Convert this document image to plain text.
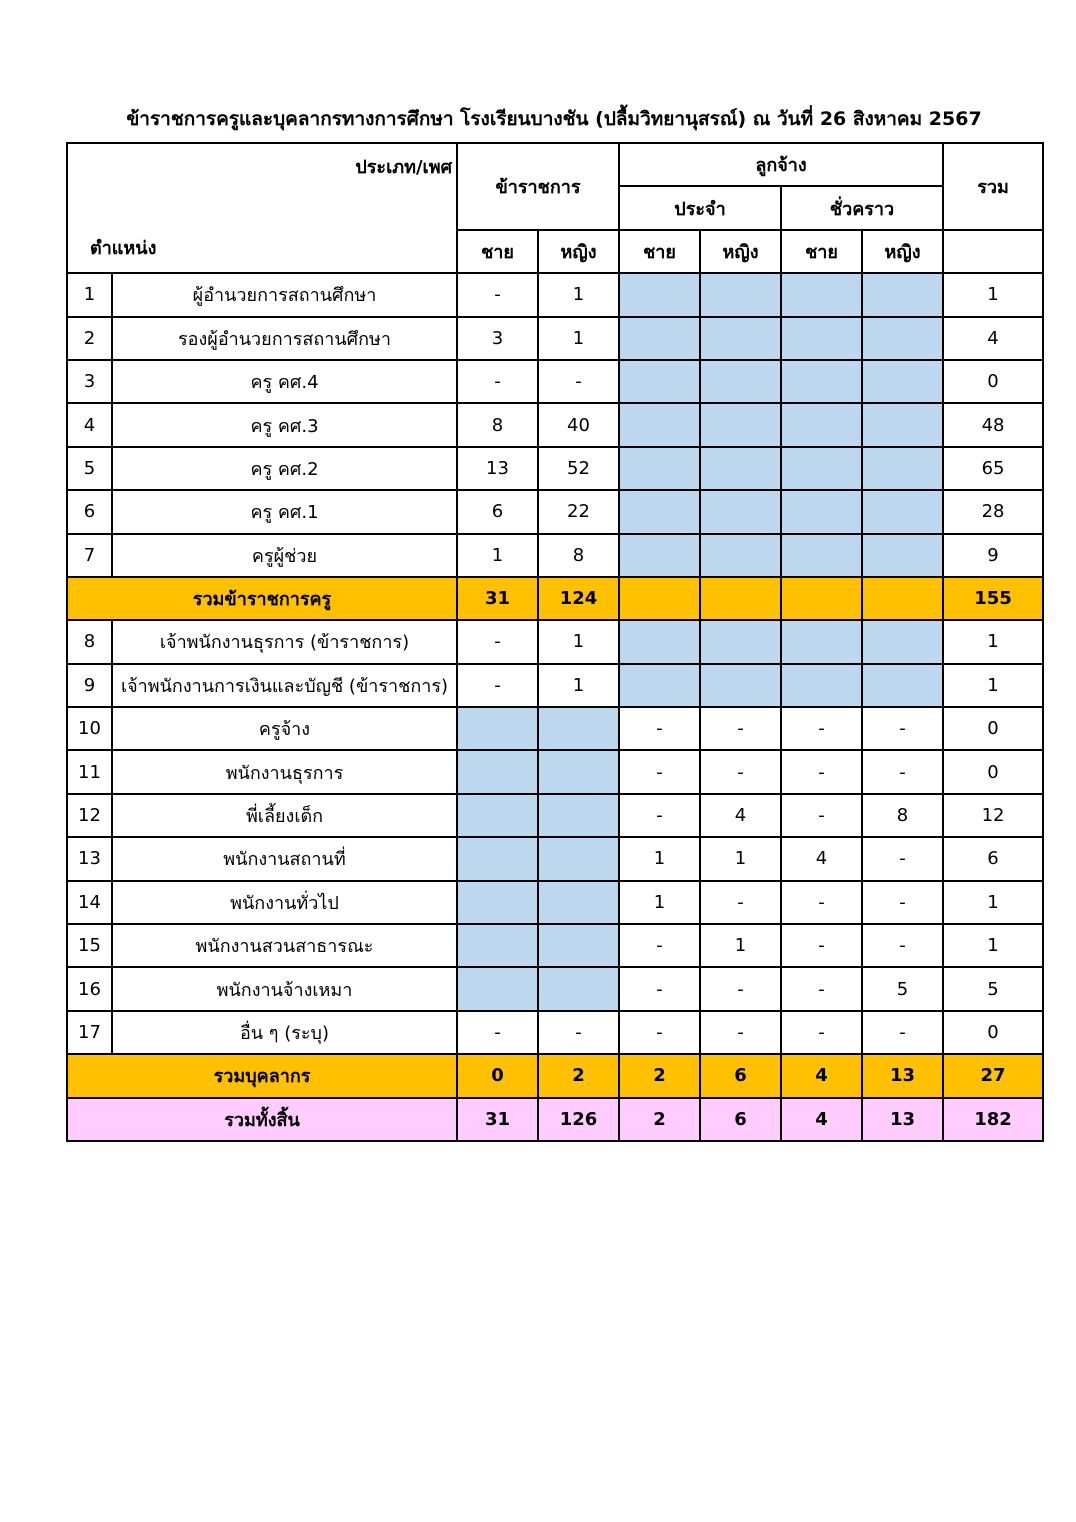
ข้าราชการครูและบุคลากรทางการศึกษา โรงเรียนบางชัน (ปลื้มวิทยานุสรณ์) ณ วันที่ 26 สิงหาคม 2567
ประเภท/เพศ
ตำแหน่ง		ข้าราชการ		ลูกจ้าง				รวม
				ประจำ		ชั่วคราว		
		ชาย	หญิง	ชาย	หญิง	ชาย	หญิง	
1	ผู้อำนวยการสถานศึกษา	-	1					1
2	รองผู้อำนวยการสถานศึกษา	3	1					4
3	ครู คศ.4	-	-					0
4	ครู คศ.3	8	40					48
5	ครู คศ.2	13	52					65
6	ครู คศ.1	6	22					28
7	ครูผู้ช่วย	1	8					9
รวมข้าราชการครู		31	124					155
8	เจ้าพนักงานธุรการ (ข้าราชการ)	-	1					1
9	เจ้าพนักงานการเงินและบัญชี (ข้าราชการ)	-	1					1
10	ครูจ้าง			-	-	-	-	0
11	พนักงานธุรการ			-	-	-	-	0
12	พี่เลี้ยงเด็ก			-	4	-	8	12
13	พนักงานสถานที่			1	1	4	-	6
14	พนักงานทั่วไป			1	-	-	-	1
15	พนักงานสวนสาธารณะ			-	1	-	-	1
16	พนักงานจ้างเหมา			-	-	-	5	5
17	อื่น ๆ (ระบุ)	-	-	-	-	-	-	0
รวมบุคลากร		0	2	2	6	4	13	27
รวมทั้งสิ้น		31	126	2	6	4	13	182
